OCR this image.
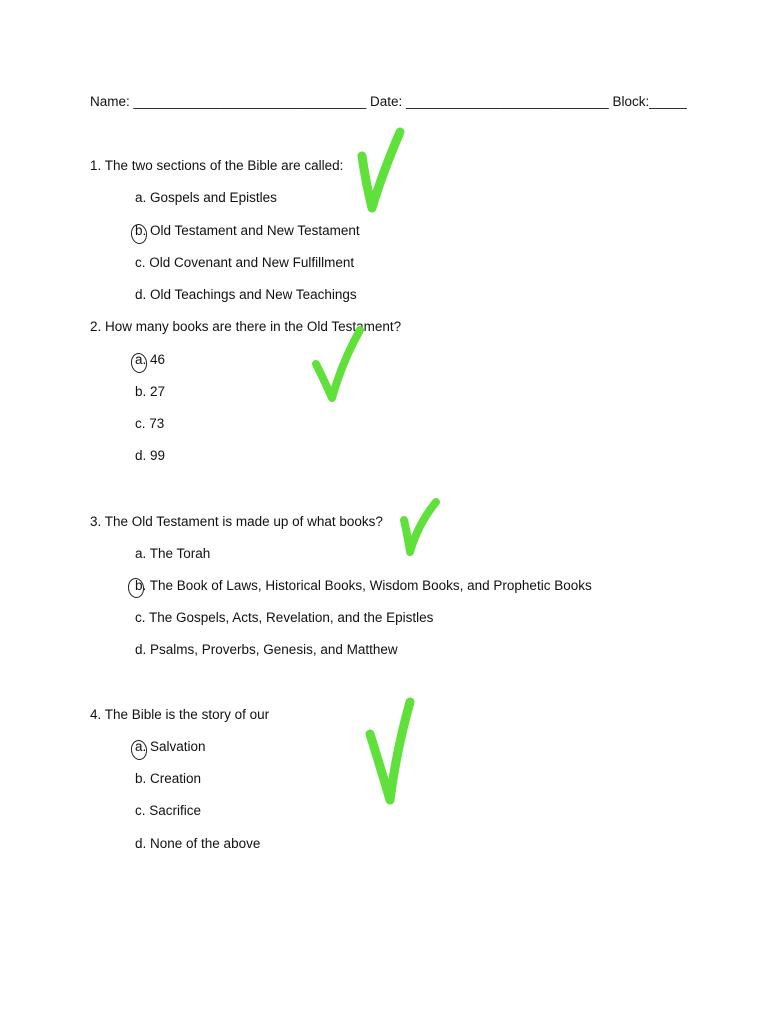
Name: _______________________________ Date: ___________________________ Block:_____
1. The two sections of the Bible are called:
a. Gospels and Epistles
b. Old Testament and New Testament
c. Old Covenant and New Fulfillment
d. Old Teachings and New Teachings
2. How many books are there in the Old Testament?
a. 46
b. 27
c. 73
d. 99
3. The Old Testament is made up of what books?
a. The Torah
b. The Book of Laws, Historical Books, Wisdom Books, and Prophetic Books
c. The Gospels, Acts, Revelation, and the Epistles
d. Psalms, Proverbs, Genesis, and Matthew
4. The Bible is the story of our
a. Salvation
b. Creation
c. Sacrifice
d. None of the above
